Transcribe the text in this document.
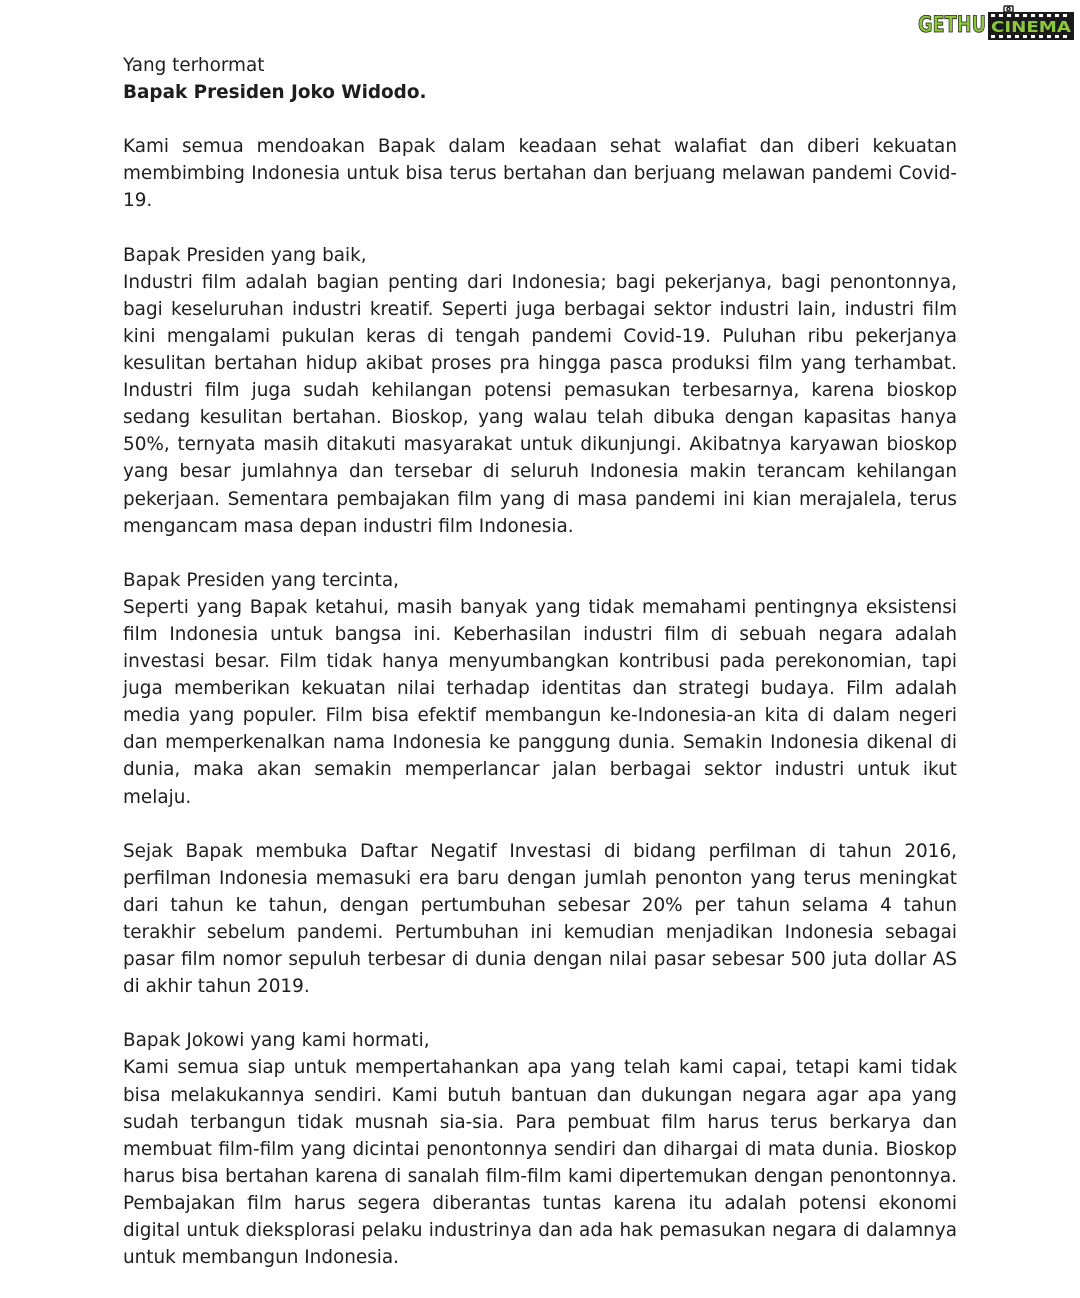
GETHU CINEMA

Yang terhormat

Bapak Presiden Joko Widodo.

Kami semua mendoakan Bapak dalam keadaan sehat walafiat dan diberi kekuatan membimbing Indonesia untuk bisa terus bertahan dan berjuang melawan pandemi Covid-19.

Bapak Presiden yang baik,
Industri film adalah bagian penting dari Indonesia; bagi pekerjanya, bagi penontonnya, bagi keseluruhan industri kreatif. Seperti juga berbagai sektor industri lain, industri film kini mengalami pukulan keras di tengah pandemi Covid-19. Puluhan ribu pekerjanya kesulitan bertahan hidup akibat proses pra hingga pasca produksi film yang terhambat. Industri film juga sudah kehilangan potensi pemasukan terbesarnya, karena bioskop sedang kesulitan bertahan. Bioskop, yang walau telah dibuka dengan kapasitas hanya 50%, ternyata masih ditakuti masyarakat untuk dikunjungi. Akibatnya karyawan bioskop yang besar jumlahnya dan tersebar di seluruh Indonesia makin terancam kehilangan pekerjaan. Sementara pembajakan film yang di masa pandemi ini kian merajalela, terus mengancam masa depan industri film Indonesia.

Bapak Presiden yang tercinta,
Seperti yang Bapak ketahui, masih banyak yang tidak memahami pentingnya eksistensi film Indonesia untuk bangsa ini. Keberhasilan industri film di sebuah negara adalah investasi besar. Film tidak hanya menyumbangkan kontribusi pada perekonomian, tapi juga memberikan kekuatan nilai terhadap identitas dan strategi budaya. Film adalah media yang populer. Film bisa efektif membangun ke-Indonesia-an kita di dalam negeri dan memperkenalkan nama Indonesia ke panggung dunia. Semakin Indonesia dikenal di dunia, maka akan semakin memperlancar jalan berbagai sektor industri untuk ikut melaju.

Sejak Bapak membuka Daftar Negatif Investasi di bidang perfilman di tahun 2016, perfilman Indonesia memasuki era baru dengan jumlah penonton yang terus meningkat dari tahun ke tahun, dengan pertumbuhan sebesar 20% per tahun selama 4 tahun terakhir sebelum pandemi. Pertumbuhan ini kemudian menjadikan Indonesia sebagai pasar film nomor sepuluh terbesar di dunia dengan nilai pasar sebesar 500 juta dollar AS di akhir tahun 2019.

Bapak Jokowi yang kami hormati,
Kami semua siap untuk mempertahankan apa yang telah kami capai, tetapi kami tidak bisa melakukannya sendiri. Kami butuh bantuan dan dukungan negara agar apa yang sudah terbangun tidak musnah sia-sia. Para pembuat film harus terus berkarya dan membuat film-film yang dicintai penontonnya sendiri dan dihargai di mata dunia. Bioskop harus bisa bertahan karena di sanalah film-film kami dipertemukan dengan penontonnya. Pembajakan film harus segera diberantas tuntas karena itu adalah potensi ekonomi digital untuk dieksplorasi pelaku industrinya dan ada hak pemasukan negara di dalamnya untuk membangun Indonesia.
